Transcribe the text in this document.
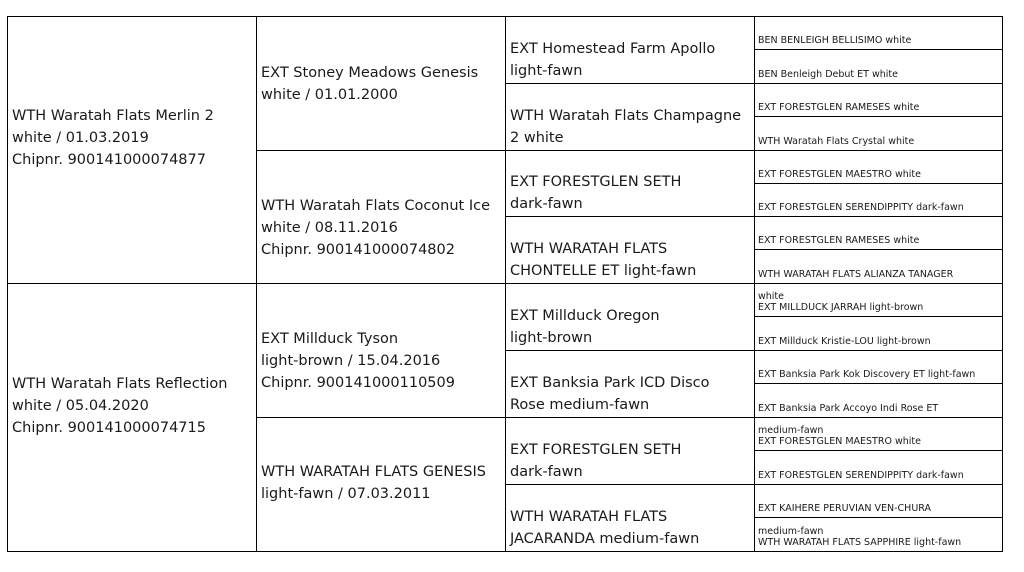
WTH Waratah Flats Merlin 2
white / 01.03.2019
Chipnr. 900141000074877
WTH Waratah Flats Reflection
white / 05.04.2020
Chipnr. 900141000074715
EXT Stoney Meadows Genesis
white / 01.01.2000
WTH Waratah Flats Coconut Ice
white / 08.11.2016
Chipnr. 900141000074802
EXT Millduck Tyson
light-brown / 15.04.2016
Chipnr. 900141000110509
WTH WARATAH FLATS GENESIS
light-fawn / 07.03.2011
EXT Homestead Farm Apollo
light-fawn
WTH Waratah Flats Champagne
2 white
EXT FORESTGLEN SETH
dark-fawn
WTH WARATAH FLATS
CHONTELLE ET light-fawn
EXT Millduck Oregon
light-brown
EXT Banksia Park ICD Disco
Rose medium-fawn
EXT FORESTGLEN SETH
dark-fawn
WTH WARATAH FLATS
JACARANDA medium-fawn
BEN BENLEIGH BELLISIMO white
BEN Benleigh Debut ET white
EXT FORESTGLEN RAMESES white
WTH Waratah Flats Crystal white
EXT FORESTGLEN MAESTRO white
EXT FORESTGLEN SERENDIPPITY dark-fawn
EXT FORESTGLEN RAMESES white
WTH WARATAH FLATS ALIANZA TANAGER
white
EXT MILLDUCK JARRAH light-brown
EXT Millduck Kristie-LOU light-brown
EXT Banksia Park Kok Discovery ET light-fawn
EXT Banksia Park Accoyo Indi Rose ET
medium-fawn
EXT FORESTGLEN MAESTRO white
EXT FORESTGLEN SERENDIPPITY dark-fawn
EXT KAIHERE PERUVIAN VEN-CHURA
medium-fawn
WTH WARATAH FLATS SAPPHIRE light-fawn
